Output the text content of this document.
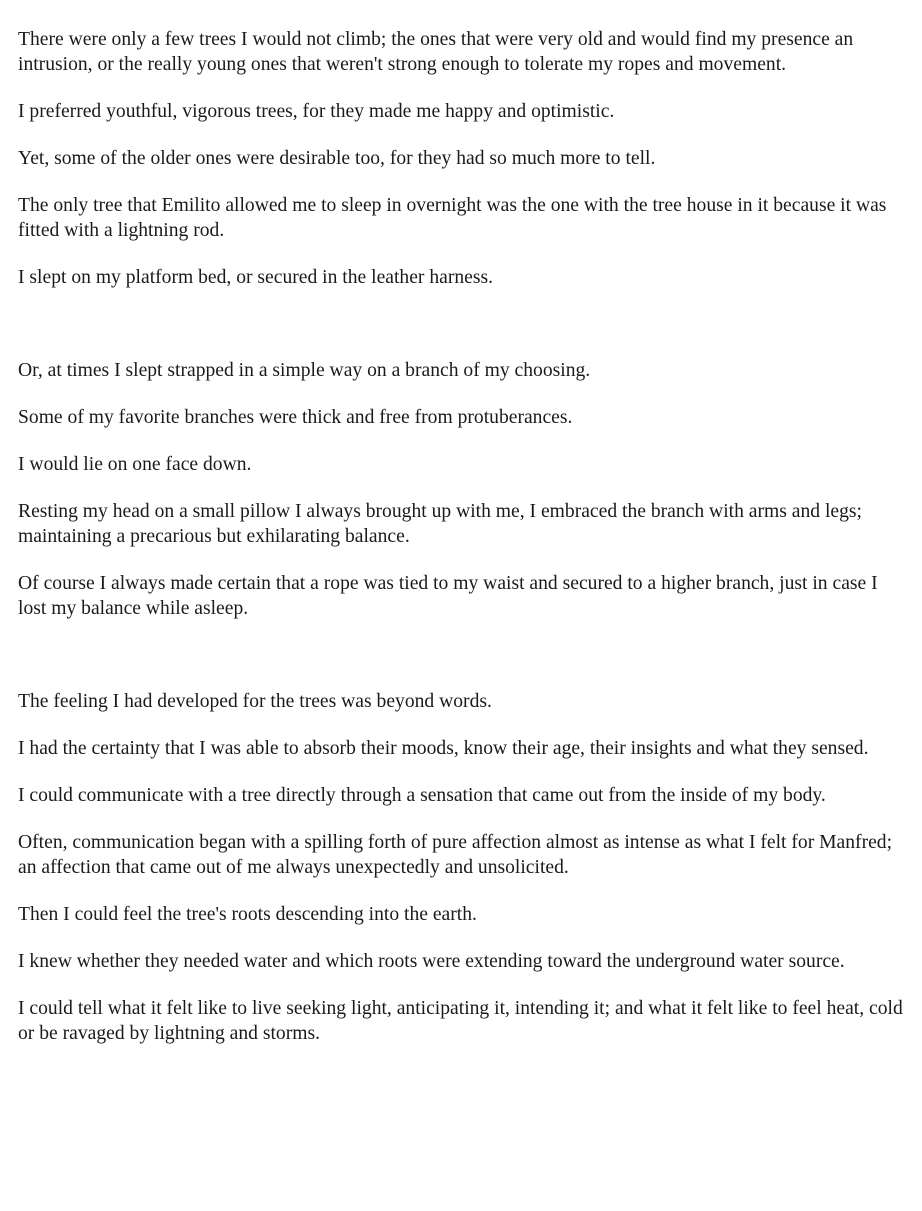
There were only a few trees I would not climb; the ones that were very old and would find my presence an intrusion, or the really young ones that weren't strong enough to tolerate my ropes and movement.

I preferred youthful, vigorous trees, for they made me happy and optimistic.

Yet, some of the older ones were desirable too, for they had so much more to tell.

The only tree that Emilito allowed me to sleep in overnight was the one with the tree house in it because it was fitted with a lightning rod.

I slept on my platform bed, or secured in the leather harness.

Or, at times I slept strapped in a simple way on a branch of my choosing.

Some of my favorite branches were thick and free from protuberances.

I would lie on one face down.

Resting my head on a small pillow I always brought up with me, I embraced the branch with arms and legs; maintaining a precarious but exhilarating balance.

Of course I always made certain that a rope was tied to my waist and secured to a higher branch, just in case I lost my balance while asleep.

The feeling I had developed for the trees was beyond words.

I had the certainty that I was able to absorb their moods, know their age, their insights and what they sensed.

I could communicate with a tree directly through a sensation that came out from the inside of my body.

Often, communication began with a spilling forth of pure affection almost as intense as what I felt for Manfred; an affection that came out of me always unexpectedly and unsolicited.

Then I could feel the tree's roots descending into the earth.

I knew whether they needed water and which roots were extending toward the underground water source.

I could tell what it felt like to live seeking light, anticipating it, intending it; and what it felt like to feel heat, cold or be ravaged by lightning and storms.
